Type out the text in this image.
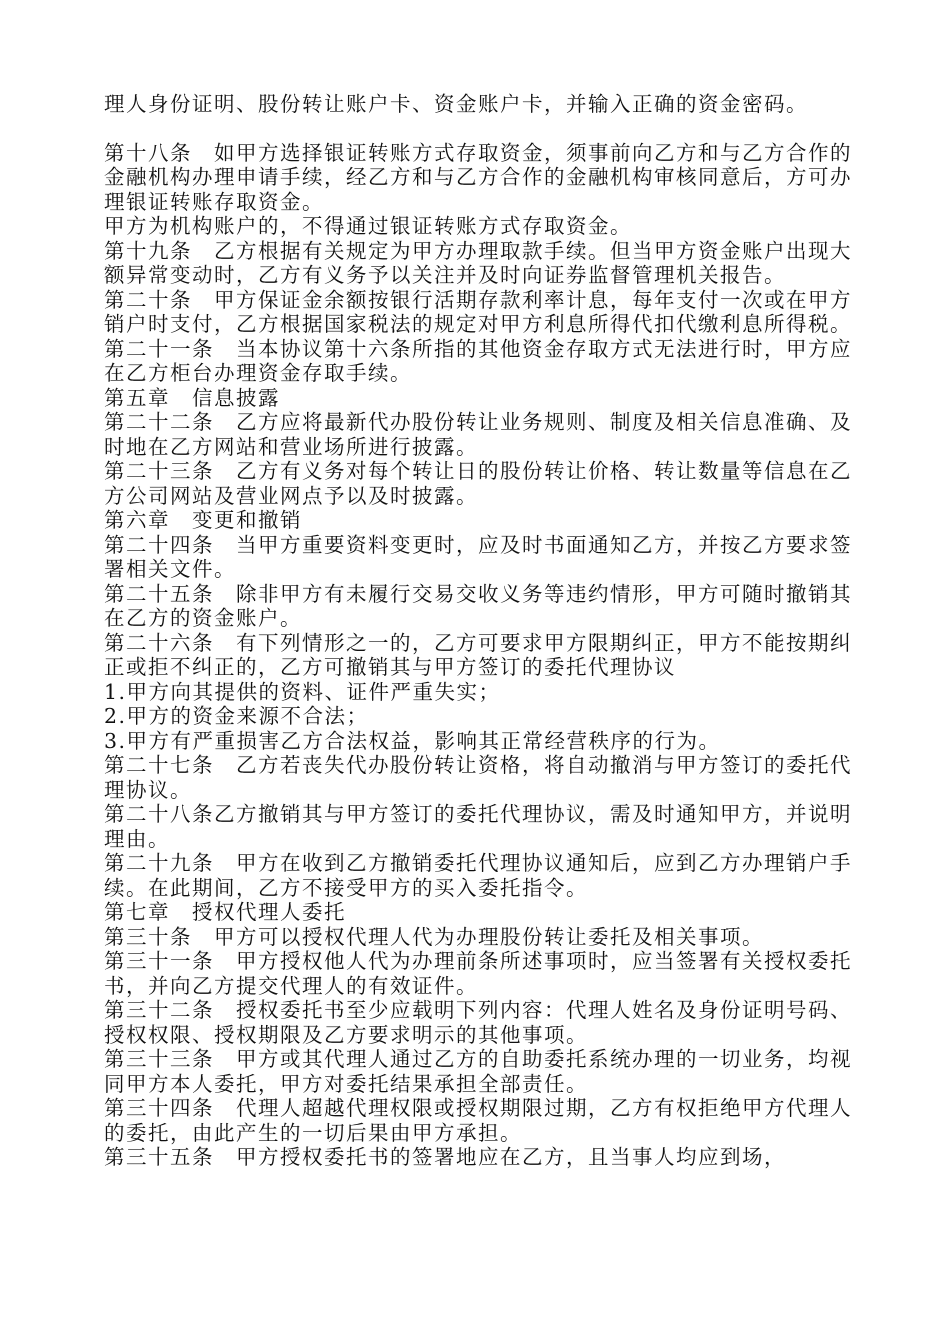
理人身份证明、股份转让账户卡、资金账户卡，并输入正确的资金密码。

第十八条　如甲方选择银证转账方式存取资金，须事前向乙方和与乙方合作的金融机构办理申请手续，经乙方和与乙方合作的金融机构审核同意后，方可办理银证转账存取资金。

甲方为机构账户的，不得通过银证转账方式存取资金。

第十九条　乙方根据有关规定为甲方办理取款手续。但当甲方资金账户出现大额异常变动时，乙方有义务予以关注并及时向证券监督管理机关报告。

第二十条　甲方保证金余额按银行活期存款利率计息，每年支付一次或在甲方销户时支付，乙方根据国家税法的规定对甲方利息所得代扣代缴利息所得税。

第二十一条　当本协议第十六条所指的其他资金存取方式无法进行时，甲方应在乙方柜台办理资金存取手续。

第五章　信息披露

第二十二条　乙方应将最新代办股份转让业务规则、制度及相关信息准确、及时地在乙方网站和营业场所进行披露。

第二十三条　乙方有义务对每个转让日的股份转让价格、转让数量等信息在乙方公司网站及营业网点予以及时披露。

第六章　变更和撤销

第二十四条　当甲方重要资料变更时，应及时书面通知乙方，并按乙方要求签署相关文件。

第二十五条　除非甲方有未履行交易交收义务等违约情形，甲方可随时撤销其在乙方的资金账户。

第二十六条　有下列情形之一的，乙方可要求甲方限期纠正，甲方不能按期纠正或拒不纠正的，乙方可撤销其与甲方签订的委托代理协议

1.甲方向其提供的资料、证件严重失实；

2.甲方的资金来源不合法；

3.甲方有严重损害乙方合法权益，影响其正常经营秩序的行为。

第二十七条　乙方若丧失代办股份转让资格，将自动撤消与甲方签订的委托代理协议。

第二十八条乙方撤销其与甲方签订的委托代理协议，需及时通知甲方，并说明理由。

第二十九条　甲方在收到乙方撤销委托代理协议通知后，应到乙方办理销户手续。在此期间，乙方不接受甲方的买入委托指令。

第七章　授权代理人委托

第三十条　甲方可以授权代理人代为办理股份转让委托及相关事项。

第三十一条　甲方授权他人代为办理前条所述事项时，应当签署有关授权委托书，并向乙方提交代理人的有效证件。

第三十二条　授权委托书至少应载明下列内容：代理人姓名及身份证明号码、授权权限、授权期限及乙方要求明示的其他事项。

第三十三条　甲方或其代理人通过乙方的自助委托系统办理的一切业务，均视同甲方本人委托，甲方对委托结果承担全部责任。

第三十四条　代理人超越代理权限或授权期限过期，乙方有权拒绝甲方代理人的委托，由此产生的一切后果由甲方承担。

第三十五条　甲方授权委托书的签署地应在乙方，且当事人均应到场，
